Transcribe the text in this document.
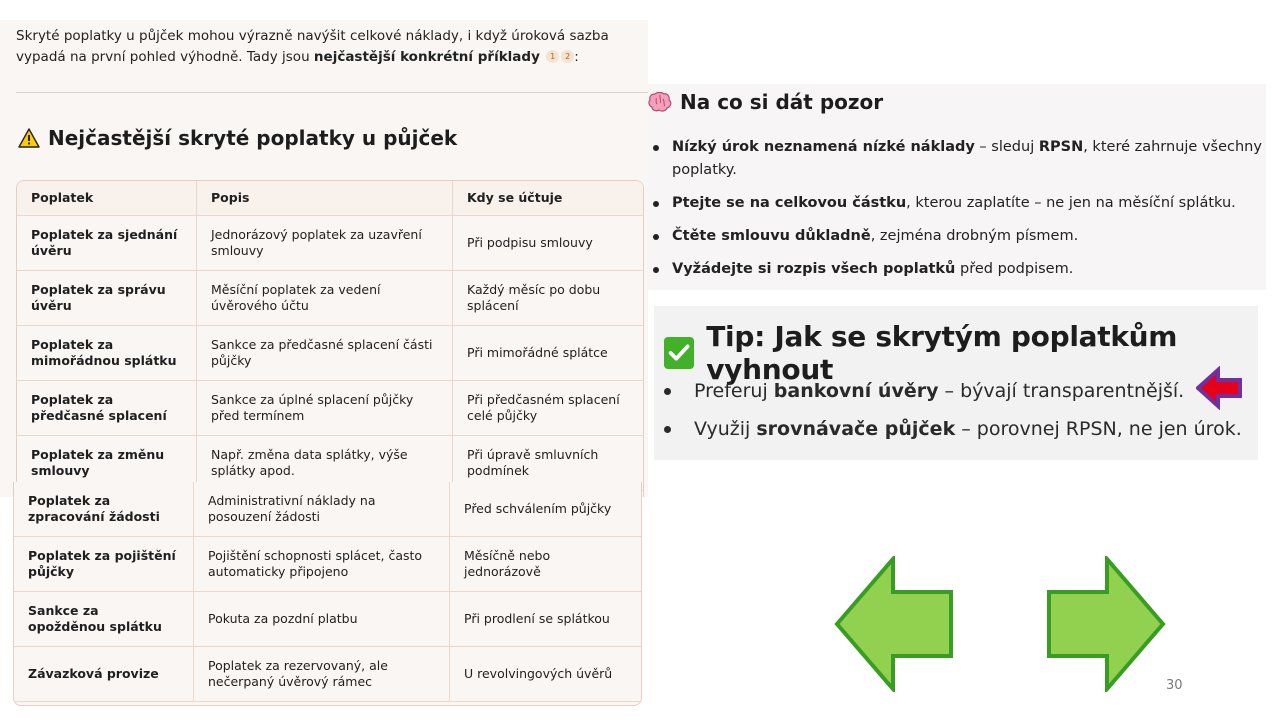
Skryté poplatky u půjček mohou výrazně navýšit celkové náklady, i když úroková sazba vypadá na první pohled výhodně. Tady jsou nejčastější konkrétní příklady 1 2 :
Nejčastější skryté poplatky u půjček
Poplatek	Popis	Kdy se účtuje
Poplatek za sjednání úvěru	Jednorázový poplatek za uzavření smlouvy	Při podpisu smlouvy
Poplatek za správu úvěru	Měsíční poplatek za vedení úvěrového účtu	Každý měsíc po dobu splácení
Poplatek za mimořádnou splátku	Sankce za předčasné splacení části půjčky	Při mimořádné splátce
Poplatek za předčasné splacení	Sankce za úplné splacení půjčky před termínem	Při předčasném splacení celé půjčky
Poplatek za změnu smlouvy	Např. změna data splátky, výše splátky apod.	Při úpravě smluvních podmínek
Poplatek za zpracování žádosti	Administrativní náklady na posouzení žádosti	Před schválením půjčky
Poplatek za pojištění půjčky	Pojištění schopnosti splácet, často automaticky připojeno	Měsíčně nebo jednorázově
Sankce za opožděnou splátku	Pokuta za pozdní platbu	Při prodlení se splátkou
Závazková provize	Poplatek za rezervovaný, ale nečerpaný úvěrový rámec	U revolvingových úvěrů
Na co si dát pozor
Nízký úrok neznamená nízké náklady – sleduj RPSN, které zahrnuje všechny poplatky.
Ptejte se na celkovou částku, kterou zaplatíte – ne jen na měsíční splátku.
Čtěte smlouvu důkladně, zejména drobným písmem.
Vyžádejte si rozpis všech poplatků před podpisem.
Tip: Jak se skrytým poplatkům vyhnout
Preferuj bankovní úvěry – bývají transparentnější.
Využij srovnávače půjček – porovnej RPSN, ne jen úrok.
30
